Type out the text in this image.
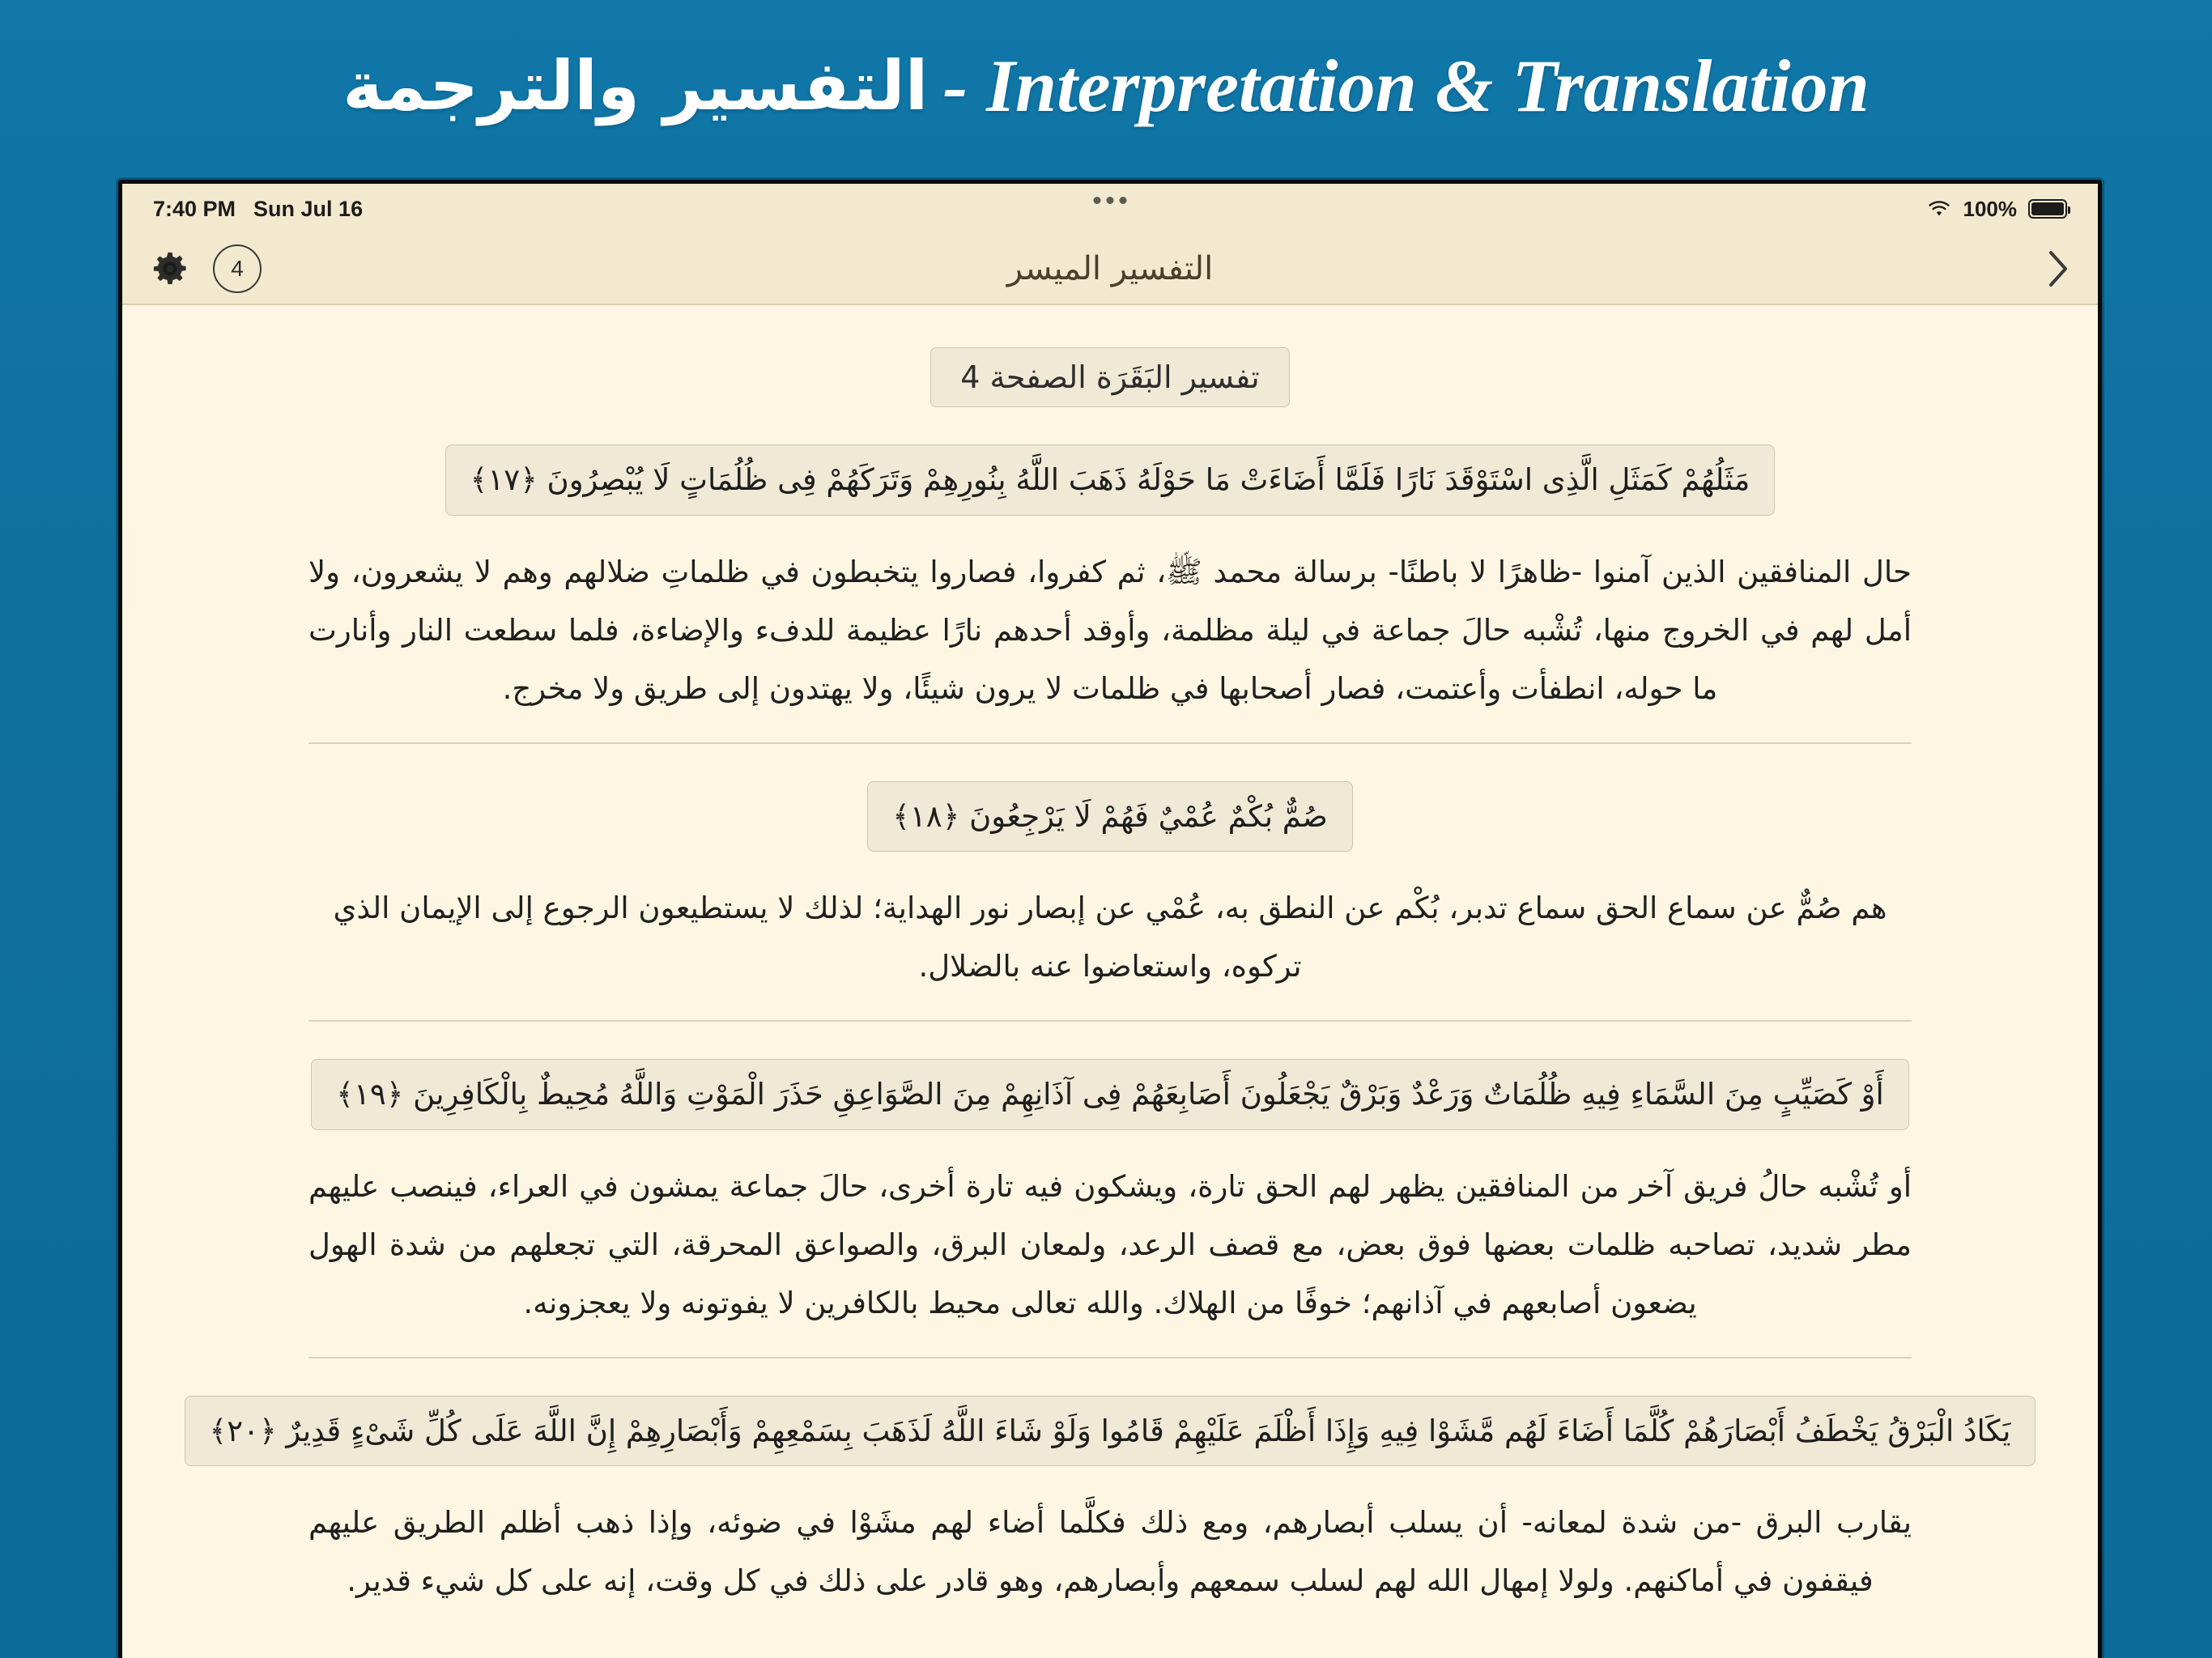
Interpretation & Translation -
التفسير والترجمة
7:40 PM Sun Jul 16	100%
4	التفسير الميسر
تفسير البَقَرَة الصفحة 4
مَثَلُهُمْ كَمَثَلِ الَّذِى اسْتَوْقَدَ نَارًا فَلَمَّا أَضَاءَتْ مَا حَوْلَهُ ذَهَبَ اللَّهُ بِنُورِهِمْ وَتَرَكَهُمْ فِى ظُلُمَاتٍ لَا يُبْصِرُونَ ﴿١٧﴾
حال المنافقين الذين آمنوا -ظاهرًا لا باطنًا- برسالة محمد ﷺ، ثم كفروا، فصاروا يتخبطون في ظلماتِ ضلالهم وهم لا يشعرون، ولا أمل لهم في الخروج منها، تُشْبه حالَ جماعة في ليلة مظلمة، وأوقد أحدهم نارًا عظيمة للدفء والإضاءة، فلما سطعت النار وأنارت ما حوله، انطفأت وأعتمت، فصار أصحابها في ظلمات لا يرون شيئًا، ولا يهتدون إلى طريق ولا مخرج.
صُمٌّ بُكْمٌ عُمْيٌ فَهُمْ لَا يَرْجِعُونَ ﴿١٨﴾
هم صُمٌّ عن سماع الحق سماع تدبر، بُكْم عن النطق به، عُمْي عن إبصار نور الهداية؛ لذلك لا يستطيعون الرجوع إلى الإيمان الذي تركوه، واستعاضوا عنه بالضلال.
أَوْ كَصَيِّبٍ مِنَ السَّمَاءِ فِيهِ ظُلُمَاتٌ وَرَعْدٌ وَبَرْقٌ يَجْعَلُونَ أَصَابِعَهُمْ فِى آذَانِهِمْ مِنَ الصَّوَاعِقِ حَذَرَ الْمَوْتِ وَاللَّهُ مُحِيطٌ بِالْكَافِرِينَ ﴿١٩﴾
أو تُشْبه حالُ فريق آخر من المنافقين يظهر لهم الحق تارة، ويشكون فيه تارة أخرى، حالَ جماعة يمشون في العراء، فينصب عليهم مطر شديد، تصاحبه ظلمات بعضها فوق بعض، مع قصف الرعد، ولمعان البرق، والصواعق المحرقة، التي تجعلهم من شدة الهول يضعون أصابعهم في آذانهم؛ خوفًا من الهلاك. والله تعالى محيط بالكافرين لا يفوتونه ولا يعجزونه.
يَكَادُ الْبَرْقُ يَخْطَفُ أَبْصَارَهُمْ كُلَّمَا أَضَاءَ لَهُم مَّشَوْا فِيهِ وَإِذَا أَظْلَمَ عَلَيْهِمْ قَامُوا وَلَوْ شَاءَ اللَّهُ لَذَهَبَ بِسَمْعِهِمْ وَأَبْصَارِهِمْ إِنَّ اللَّهَ عَلَى كُلِّ شَىْءٍ قَدِيرٌ ﴿٢٠﴾
يقارب البرق -من شدة لمعانه- أن يسلب أبصارهم، ومع ذلك فكلَّما أضاء لهم مشَوْا في ضوئه، وإذا ذهب أظلم الطريق عليهم فيقفون في أماكنهم. ولولا إمهال الله لهم لسلب سمعهم وأبصارهم، وهو قادر على ذلك في كل وقت، إنه على كل شيء قدير.
